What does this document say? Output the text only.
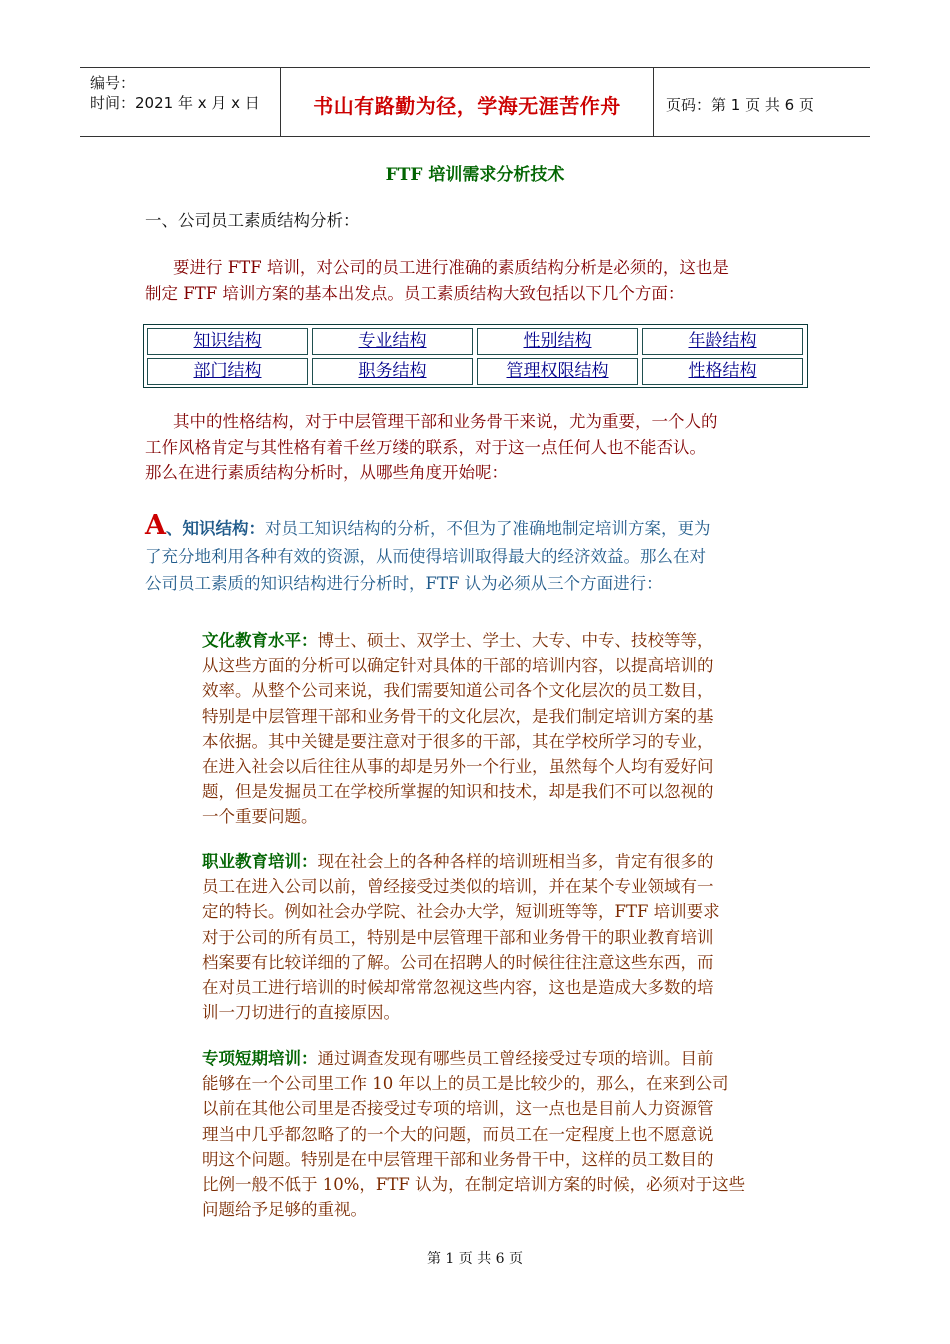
编号：
时间：2021 年 x 月 x 日	书山有路勤为径，学海无涯苦作舟	页码：第 1 页 共 6 页
FTF 培训需求分析技术
一、公司员工素质结构分析：
要进行 FTF 培训，对公司的员工进行准确的素质结构分析是必须的，这也是
制定 FTF 培训方案的基本出发点。员工素质结构大致包括以下几个方面：
知识结构	专业结构	性别结构	年龄结构
部门结构	职务结构	管理权限结构	性格结构
其中的性格结构，对于中层管理干部和业务骨干来说，尤为重要，一个人的
工作风格肯定与其性格有着千丝万缕的联系，对于这一点任何人也不能否认。
那么在进行素质结构分析时，从哪些角度开始呢：
A、知识结构：对员工知识结构的分析，不但为了准确地制定培训方案，更为
了充分地利用各种有效的资源，从而使得培训取得最大的经济效益。那么在对
公司员工素质的知识结构进行分析时，FTF 认为必须从三个方面进行：
文化教育水平：博士、硕士、双学士、学士、大专、中专、技校等等，
从这些方面的分析可以确定针对具体的干部的培训内容，以提高培训的
效率。从整个公司来说，我们需要知道公司各个文化层次的员工数目，
特别是中层管理干部和业务骨干的文化层次，是我们制定培训方案的基
本依据。其中关键是要注意对于很多的干部，其在学校所学习的专业，
在进入社会以后往往从事的却是另外一个行业，虽然每个人均有爱好问
题，但是发掘员工在学校所掌握的知识和技术，却是我们不可以忽视的
一个重要问题。
职业教育培训：现在社会上的各种各样的培训班相当多，肯定有很多的
员工在进入公司以前，曾经接受过类似的培训，并在某个专业领域有一
定的特长。例如社会办学院、社会办大学，短训班等等，FTF 培训要求
对于公司的所有员工，特别是中层管理干部和业务骨干的职业教育培训
档案要有比较详细的了解。公司在招聘人的时候往往注意这些东西，而
在对员工进行培训的时候却常常忽视这些内容，这也是造成大多数的培
训一刀切进行的直接原因。
专项短期培训：通过调查发现有哪些员工曾经接受过专项的培训。目前
能够在一个公司里工作 10 年以上的员工是比较少的，那么，在来到公司
以前在其他公司里是否接受过专项的培训，这一点也是目前人力资源管
理当中几乎都忽略了的一个大的问题，而员工在一定程度上也不愿意说
明这个问题。特别是在中层管理干部和业务骨干中，这样的员工数目的
比例一般不低于 10%，FTF 认为，在制定培训方案的时候，必须对于这些
问题给予足够的重视。
第 1 页 共 6 页
